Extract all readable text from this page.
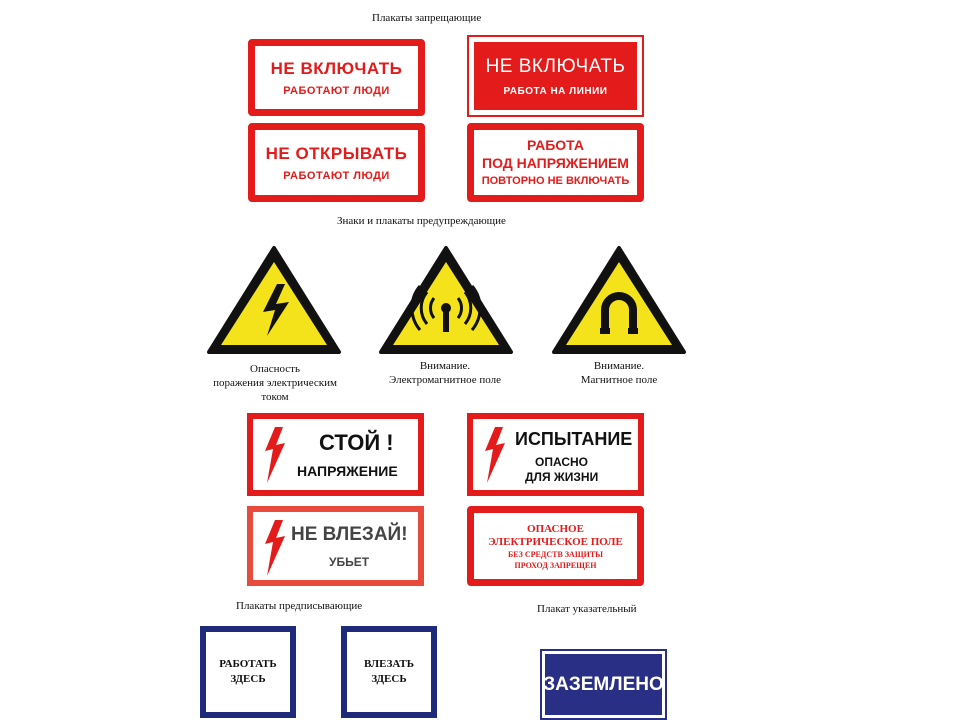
Плакаты запрещающие
Знаки и плакаты предупреждающие
Плакаты предписывающие	Плакат указательный
НЕ ВКЛЮЧАТЬ
РАБОТАЮТ ЛЮДИ
НЕ ВКЛЮЧАТЬ
РАБОТА НА ЛИНИИ
НЕ ОТКРЫВАТЬ
РАБОТАЮТ ЛЮДИ
РАБОТА
ПОД НАПРЯЖЕНИЕМ
ПОВТОРНО НЕ ВКЛЮЧАТЬ
Опасность
поражения электрическим
током
Внимание.
Электромагнитное поле
Внимание.
Магнитное поле
СТОЙ !
НАПРЯЖЕНИЕ
ИСПЫТАНИЕ
ОПАСНО
ДЛЯ ЖИЗНИ
НЕ ВЛЕЗАЙ!
УБЬЕТ
ОПАСНОЕ
ЭЛЕКТРИЧЕСКОЕ ПОЛЕ
БЕЗ СРЕДСТВ ЗАЩИТЫ
ПРОХОД ЗАПРЕЩЕН
РАБОТАТЬ
ЗДЕСЬ
ВЛЕЗАТЬ
ЗДЕСЬ	ЗАЗЕМЛЕНО
